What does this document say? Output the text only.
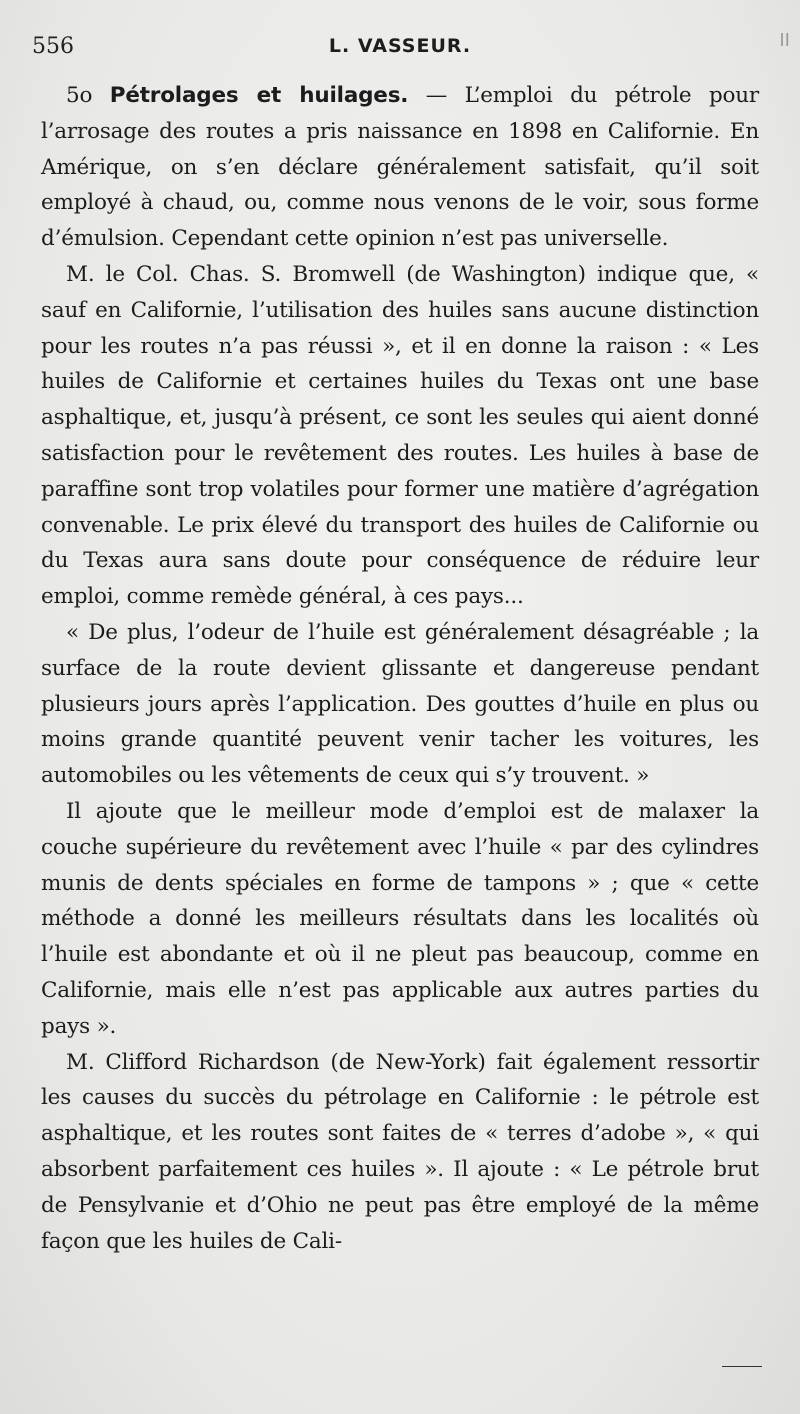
556	L. VASSEUR.	II

5o Pétrolages et huilages. — L’emploi du pétrole pour l’arrosage des routes a pris naissance en 1898 en Californie. En Amérique, on s’en déclare généralement satisfait, qu’il soit employé à chaud, ou, comme nous venons de le voir, sous forme d’émulsion. Cependant cette opinion n’est pas universelle.

M. le Col. Chas. S. Bromwell (de Washington) indique que, « sauf en Californie, l’utilisation des huiles sans aucune distinction pour les routes n’a pas réussi », et il en donne la raison : « Les huiles de Californie et certaines huiles du Texas ont une base asphaltique, et, jusqu’à présent, ce sont les seules qui aient donné satisfaction pour le revêtement des routes. Les huiles à base de paraffine sont trop volatiles pour former une matière d’agrégation convenable. Le prix élevé du transport des huiles de Californie ou du Texas aura sans doute pour conséquence de réduire leur emploi, comme remède général, à ces pays...

« De plus, l’odeur de l’huile est généralement désagréable ; la surface de la route devient glissante et dangereuse pendant plusieurs jours après l’application. Des gouttes d’huile en plus ou moins grande quantité peuvent venir tacher les voitures, les automobiles ou les vêtements de ceux qui s’y trouvent. »

Il ajoute que le meilleur mode d’emploi est de malaxer la couche supérieure du revêtement avec l’huile « par des cylindres munis de dents spéciales en forme de tampons » ; que « cette méthode a donné les meilleurs résultats dans les localités où l’huile est abondante et où il ne pleut pas beaucoup, comme en Californie, mais elle n’est pas applicable aux autres parties du pays ».

M. Clifford Richardson (de New-York) fait également ressortir les causes du succès du pétrolage en Californie : le pétrole est asphaltique, et les routes sont faites de « terres d’adobe », « qui absorbent parfaitement ces huiles ». Il ajoute : « Le pétrole brut de Pensylvanie et d’Ohio ne peut pas être employé de la même façon que les huiles de Cali-
